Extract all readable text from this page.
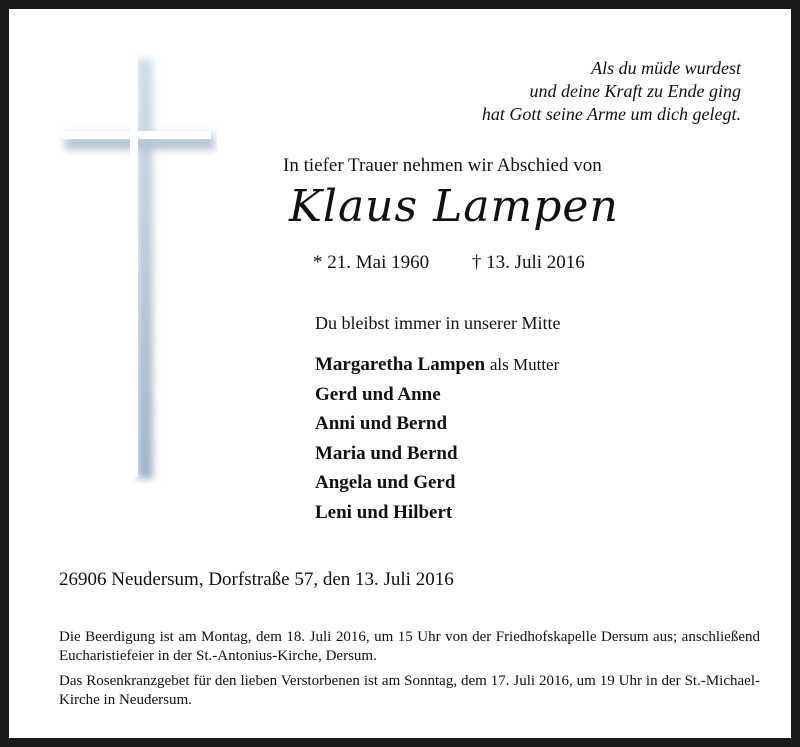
Als du müde wurdest
und deine Kraft zu Ende ging
hat Gott seine Arme um dich gelegt.
In tiefer Trauer nehmen wir Abschied von
Klaus Lampen
* 21. Mai 1960 † 13. Juli 2016
Du bleibst immer in unserer Mitte
Margaretha Lampen als Mutter
Gerd und Anne
Anni und Bernd
Maria und Bernd
Angela und Gerd
Leni und Hilbert
26906 Neudersum, Dorfstraße 57, den 13. Juli 2016

Die Beerdigung ist am Montag, dem 18. Juli 2016, um 15 Uhr von der Friedhofskapelle Dersum aus; anschließend Eucharistiefeier in der St.-Antonius-Kirche, Dersum.

Das Rosenkranzgebet für den lieben Verstorbenen ist am Sonntag, dem 17. Juli 2016, um 19 Uhr in der St.-Michael-Kirche in Neudersum.
